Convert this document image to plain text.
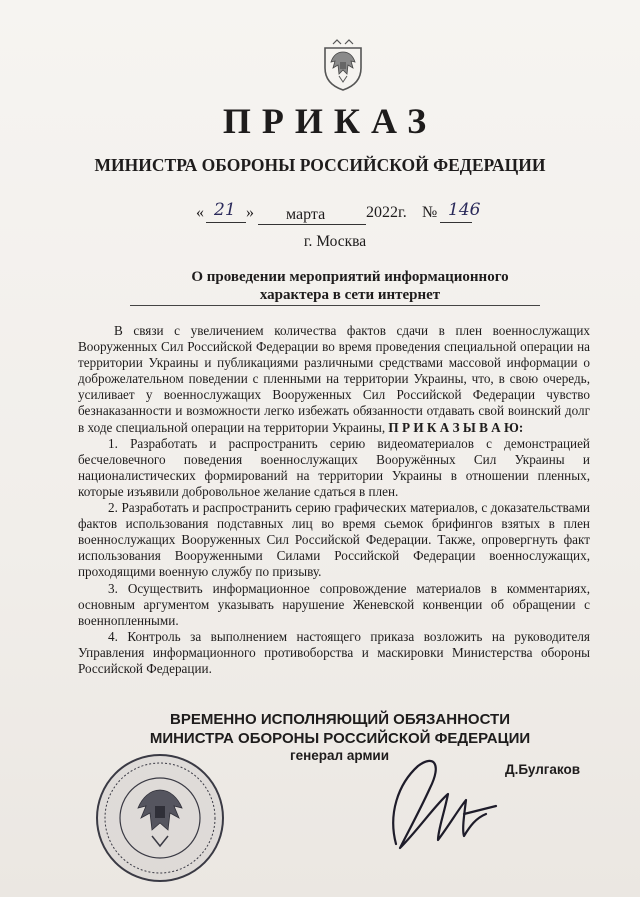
ПРИКАЗ
МИНИСТРА ОБОРОНЫ РОССИЙСКОЙ ФЕДЕРАЦИИ
« 21 » марта	2022г. № 146
г. Москва
О проведении мероприятий информационного
характера в сети интернет

В связи с увеличением количества фактов сдачи в плен военнослужащих Вооруженных Сил Российской Федерации во время проведения специальной операции на территории Украины и публикациями различными средствами массовой информации о доброжелательном поведении с пленными на территории Украины, что, в свою очередь, усиливает у военнослужащих Вооруженных Сил Российской Федерации чувство безнаказанности и возможности легко избежать обязанности отдавать свой воинский долг в ходе специальной операции на территории Украины, П Р И К А З Ы В А Ю:

1. Разработать и распространить серию видеоматериалов с демонстрацией бесчеловечного поведения военнослужащих Вооружённых Сил Украины и националистических формирований на территории Украины в отношении пленных, которые изъявили добровольное желание сдаться в плен.

2. Разработать и распространить серию графических материалов, с доказательствами фактов использования подставных лиц во время сьемок брифингов взятых в плен военнослужащих Вооруженных Сил Российской Федерации. Также, опровергнуть факт использования Вооруженными Силами Российской Федерации военнослужащих, проходящими военную службу по призыву.

3. Осуществить информационное сопровождение материалов в комментариях, основным аргументом указывать нарушение Женевской конвенции об обращении с военнопленными.

4. Контроль за выполнением настоящего приказа возложить на руководителя Управления информационного противоборства и маскировки Министерства обороны Российской Федерации.

ВРЕМЕННО ИСПОЛНЯЮЩИЙ ОБЯЗАННОСТИ
МИНИСТРА ОБОРОНЫ РОССИЙСКОЙ ФЕДЕРАЦИИ
генерал армии
Д.Булгаков
